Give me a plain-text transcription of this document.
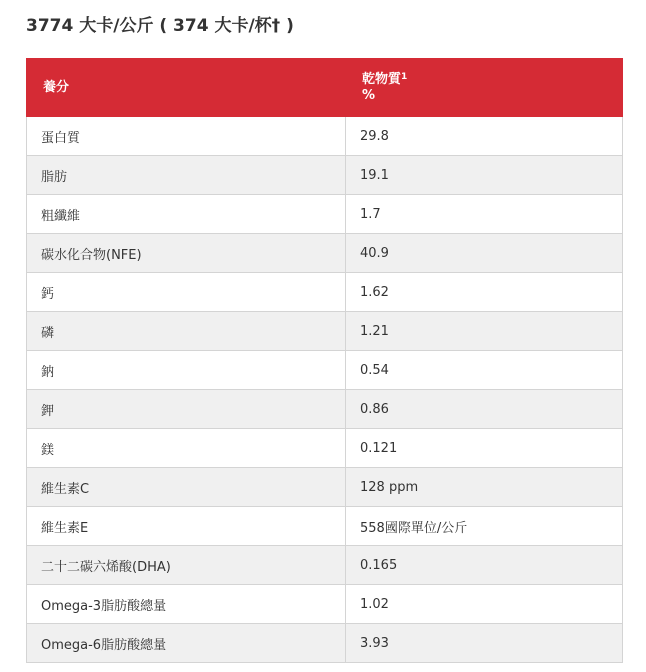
3774 大卡/公斤 ( 374 大卡/杯† )
養分	乾物質$^1$
%
蛋白質	29.8
脂肪	19.1
粗纖維	1.7
碳水化合物(NFE)	40.9
鈣	1.62
磷	1.21
鈉	0.54
鉀	0.86
鎂	0.121
維生素C	128 ppm
維生素E	558國際單位/公斤
二十二碳六烯酸(DHA)	0.165
Omega-3脂肪酸總量	1.02
Omega-6脂肪酸總量	3.93
